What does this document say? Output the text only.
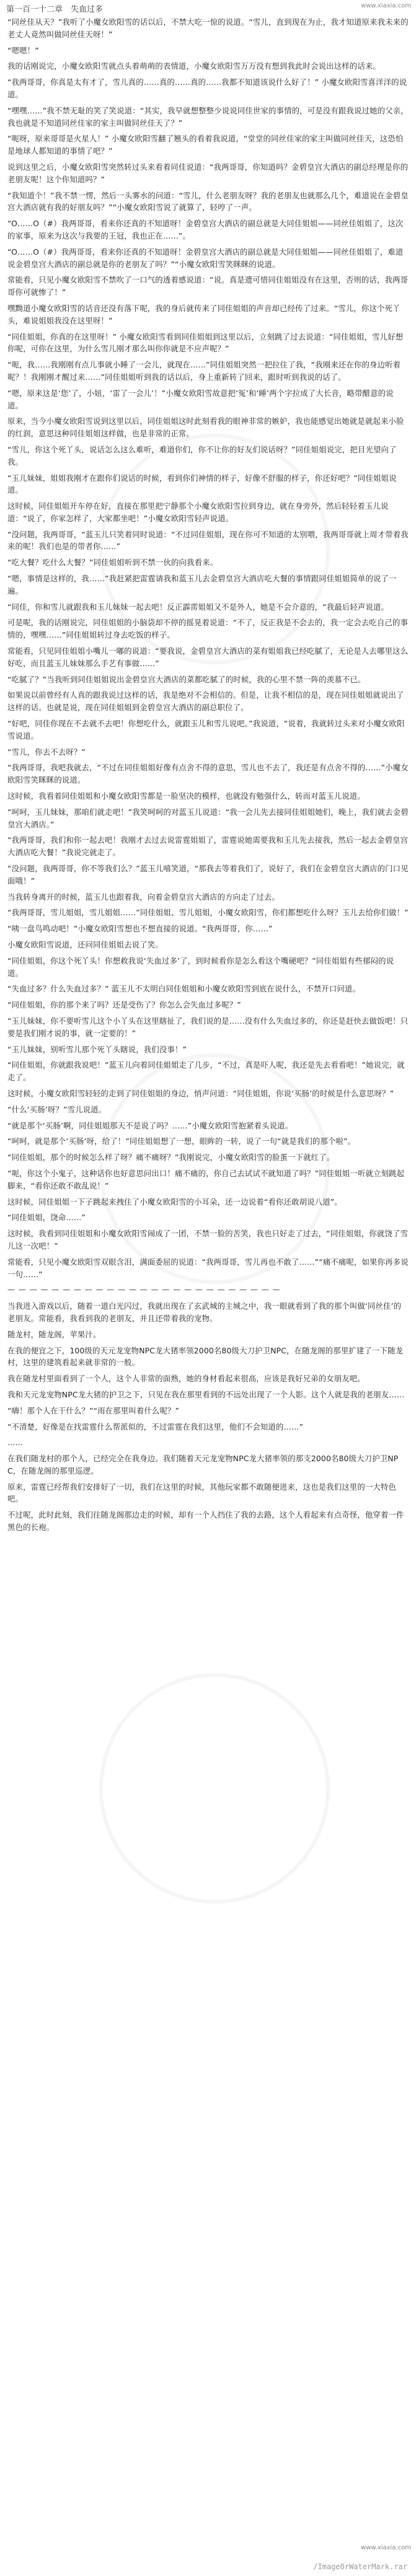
www.xiaxia.com
第一百一十二章　失血过多

“同丝佳从天？”我听了小魔女欧阳雪的话以后，不禁大吃一惊的说道。“雪儿，直到现在为止，我才知道原来我未来的老丈人竟然叫做同丝佳天呀！”

“嗯嗯！”

我的话刚说完，小魔女欧阳雪就点头着萌萌的表情道，小魔女欧阳雪万万没有想到我此时会说出这样的话来。

“我两哥哥，你真是太有才了，雪儿真的……真的……真的……我都不知道该说什么好了！” 小魔女欧阳雪喜洋洋的说道。

“嘿嘿……”我不禁无耻的笑了笑说道：“其实，我早就想整整少说说同佳世家的事情的，可是没有跟我说过她的父亲，我也就是不知道同丝佳家的家主叫做同丝佳天了？”

“呃呀，原来哥哥是火星人！” 小魔女欧阳雪翻了翘头的看着我说道，“堂堂的同丝佳家的家主叫做同丝佳天，这恐怕是地球人都知道的事情了吧？”

说到这里之后，小魔女欧阳雪突然转过头来看着同佳说道：“我两哥哥，你知道吗？金碧皇宫大酒店的副总经理是你的老朋友呢！这个你知道吗？”

“我知道个！”我不禁一愣，然后一头雾水的问道：“雪儿，什么老朋友呀？我的老朋友也就那么几个，难道说在金碧皇宫大酒店就有我的好朋友吗？”“小魔女欧阳雪说了就算了，轻哼了一声。

“O……O（#）我两哥哥，看来你还真的不知道呀！金碧皇宫大酒店的副总就是大同佳姐姐——同丝佳姐姐了，这次的家事，原来为这次与我要的王冠，我也正在……”。

“O……O（#）我两哥哥，看来你还真的不知道呀！金碧皇宫大酒店的副总就是大同佳姐姐——同丝佳姐姐了，难道说金碧皇宫大酒店的副总就是你的老朋友了吗？”“小魔女欧阳雪笑眯眯的说道。

常能看，只见小魔女欧阳雪不禁吹了一口气的透着感说道：“说。真是遗可惜同佳姐姐没有在这里，否则的话，我两哥哥你可就惨了！”

嘿黝道小魔女欧阳雪的话音还没有落下呢，我的身后就传来了同佳姐姐的声音却已经传了过来。“雪儿，你这个死丫头，难说姐姐我没在这里呀！”

“同佳姐姐，你真的在这里呀！” 小魔女欧阳雪看到同佳姐姐到这里以后，立刻跳了过去说道：“同佳姐姐，雪儿好想你呢，可你在这里，为什么雪儿刚才那么叫你你就是不应声呢？”

“呃，我……我刚刚有点儿事就小睡了一会儿，就现在……”同佳姐姐突然一把拉住了我，“我刚来还在你的身边听着呢？！我刚刚才醒过来……”同佳姐姐听到我的话以后，身上重新转了回来，跟时听到我说的话了。

“嗯，原来这是‘您’了，小妞，‘雷了一会儿’！”小魔女欧阳雪故意把‘冤’和‘睡’两个字拉成了大长音，略带醋意的说道。

原来，当今小魔女欧阳雪说到这里以后，同佳姐姐这时此刻看我的眼神非常的嫉妒，我也能感觉出她就是就起来小脸的红润，意思这种同佳姐姐这样做，也是非常的正常。

“雪儿，你这个死丫头，说话怎么这么难听，难道你们，你不让你的好友们说话呀？”同佳姐姐说完，把目光望向了我。

“玉儿妹妹，姐姐我刚才在跟你们说话的时候，看到你们神情的样子，好像不舒服的样子，你还好吧？”同佳姐姐说道。

这时候，同佳姐姐开车停在好，直接在那里把宁静那个小魔女欧阳雪拉到身边，就在身旁外，然后轻轻着玉儿说道：“说了，你家怎样了，大家都坐吧！”小魔女欧阳雪轻声说道。

“没问题，我两哥哥，“蓝玉儿只笑着同时说道：“不过同佳姐姐，现在你可不知道的太别喂，我两哥哥就上周才带着我来的呢！我们也是的带者你……”

“吃大餐？吃什么大餐？”同佳姐姐听到不禁一伙的向我看来。

“嗯，事情是这样的，我……”我赶紧把雷霆请我和蓝玉儿去金碧皇宫大酒店吃大餐的事情跟同佳姐姐简单的说了一遍。

“同佳，你和雪儿就跟我和玉儿妹妹一起去吧！反正霹雳姐姐又不是外人，她是不会介意的，“我最后轻声说道。

可是呢，我的话刚说完，同佳姐姐的小脑袋却不停的摇晃着说道：“不了，反正我是不会去的，我一定会去吃自己的事情的，嘿嘿……”同佳姐姐转过身去吃饭的样子。

常能看，只见同佳姐姐小嘴儿一嘟的说道：“要我说，金碧皇宫大酒店的菜有姐姐我已经吃腻了，无论是人去哪里这么好吃，而且蓝玉儿妹妹那么手艺有事做……”

“吃腻了？”当我听到同佳姐姐说出金碧皇宫大酒店的菜都吃腻了的时候，我的心里不禁一阵的羡慕不已。

如果说以前曾经有人真的跟我说过这样的话，我是绝对不会相信的。但是，让我不相信的是，现在同佳姐姐就说出了这样的话。也就是说，现在同佳姐姐到金碧皇宫大酒店的副总职位了。

“好吧，同佳你现在不去就不去吧！你想吃什么，就跟玉儿和雪儿说吧。”我说道，“说着，我就转过头来对小魔女欧阳雪说道。

“雪儿，你去不去呀？”

“我两哥哥，我吧我就去，“不过在同佳姐姐好像有点舍不得的意思，雪儿也不去了，我还是有点舍不得的……”小魔女欧阳雪笑眯眯的说道。

这时候，我看着同佳姐姐和小魔女欧阳雪都是一脸坚决的模样，也就没有勉强什么，转而对蓝玉儿说道。

“呵呵，玉儿妹妹，那咱们就走吧！”我笑呵呵的对蓝玉儿说道：“我一会儿先去接同佳姐姐她们，晚上，我们就去金碧皇宫大酒店。”

“我两哥哥，我们和你一起去吧！我刚才去过去说雷霆姐姐了，雷霆说她需要我和玉儿先去接我，然后一起去金碧皇宫大酒店吃大餐！”我说完就走了。

“没问题，我两哥哥，你不等我们么？”蓝玉儿嘻笑道，“那我去等着我们了，说好了，我们在金碧皇宫大酒店的门口见面哦！”

当我转身离开的时候，蓝玉儿也跟着我，向着金碧皇宫大酒店的方向走了过去。

“我两哥哥，雪儿姐姐，雪儿姐姐……”同佳姐姐、雪儿姐姐，小魔女欧阳雪，你们都想吃什么呀？玉儿去给你们做！”

“咦一盘鸟鸣动吧！”小魔女欧阳雪想也不想直接的说道。“我两哥哥，你……”

小魔女欧阳雪说道，还问同佳姐姐去说了笑。

“同佳姐姐，你这个死丫头！你想救我说‘失血过多’了，到时候看你是怎么看这个嘴硬吧？”同佳姐姐有些郁闷的说道。

“失血过多？什么失血过多？” 蓝玉儿不太明白同佳姐姐和小魔女欧阳雪到底在说什么，不禁开口问道。

“同佳姐姐，你的那个来了吗？还是受伤了？你怎么会失血过多呢？”

“玉儿妹妹，你不要听雪儿这个小丫头在这里瞎扯了，我们说的是……没有什么失血过多的，你还是赶快去做饭吧！只要是我们刚才说的事，就一定要的！”

“玉儿妹妹，别听雪儿那个死丫头瞎说，我们没事！”

“同佳姐姐，你就跟我说吧！”蓝玉儿向着同佳姐姐走了几步，“不过，真是吓人呢，我还是先去看看吧！”她说完，就走了。

这时候，小魔女欧阳雪轻轻的走到了同佳姐姐的身边，悄声问道：“同佳姐姐，你说‘买肠’的时候是什么意思呀？”

“什么‘买肠’呀？”雪儿说道。

“就是那个‘买肠’啊，同佳姐姐那天不是说了吗？……”小魔女欧阳雪抱紧着头说道。

“呵呵，就是那个‘买肠’呀，给了！”同佳姐姐想了一想，眼眸的一转，说了一句“就是我们的那个啦”。

“同佳姐姐，那个的时候怎么样了呀？痛不痛呀？”我刚说完，小魔女欧阳雪的脸蛋一下就红了。

“呃，你这个小鬼子，这种话你也好意思问出口！痛不痛的，你自己去试试不就知道了吗？”同佳姐姐一听就立刻跳起脚来，“看你还敢不敢乱说！”

这时候，同佳姐姐一下子跳起来拽住了小魔女欧阳雪的小耳朵，还一边说着“看你还敢胡说八道”。

“同佳姐姐，饶命……”

这时候，我看到同佳姐姐和小魔女欧阳雪闹成了一团，不禁一脸的苦笑，我也只好走了过去，“同佳姐姐，你就饶了雪儿这一次吧！”

常能看，只见小魔女欧阳雪双眼含泪，满面委屈的说道：“我两哥哥，雪儿再也不敢了……”“痛不痛呢，如果你再多说一句……”

— — — — — — — — — — — — — — — — — — — — — — — — —

当我进入游戏以后，随着一道白光闪过，我就出现在了玄武城的主城之中，我一眼就看到了我的那个叫做‘同丝佳’的老朋友。常能看，我看到我的老朋友，并且还带着我的宠物。

随龙村，随龙阁，苹果汁。

在我的便宜之下，100级的天元龙宠物NPC龙大猪率领2000名80级大刀护卫NPC，在随龙阁的那里扩建了一下随龙村，这里的建筑看起来就非常的一般。

我在随龙村里面看到了一个人，这个人非常的面熟，她的身材看起来很高，应该是我好兄弟的女朋友吧。

我和天元龙宠物NPC龙大猪的护卫之下，只见在我在那里看到的不远处出现了一个人影。这个人就是我的老朋友……

“嗨！那个人在干什么？”“雨在那里叫着什么呢？”

“不清楚，好像是在找雷霆什么帮派似的，不过雷霆在我们这里，他们不会知道的……”

……

在我们随龙村的那个人，已经完全在我身边。我们随着天元龙宠物NPC龙大猪率领的那支2000名80级大刀护卫NPC，在随龙阁的那里巡逻。

原来，雷霆已经帮我们安排好了一切，我们在这里的时候，其他玩家都不敢随便进来，这也是我们这里的一大特色吧。

不过呢，此时此刻，我们往随龙阁那边走的时候，却有一个人挡住了我的去路，这个人看起来有点奇怪，他穿着一件黑色的长袍。

www.xiaxia.com
/Image0rWaterMark.rar
